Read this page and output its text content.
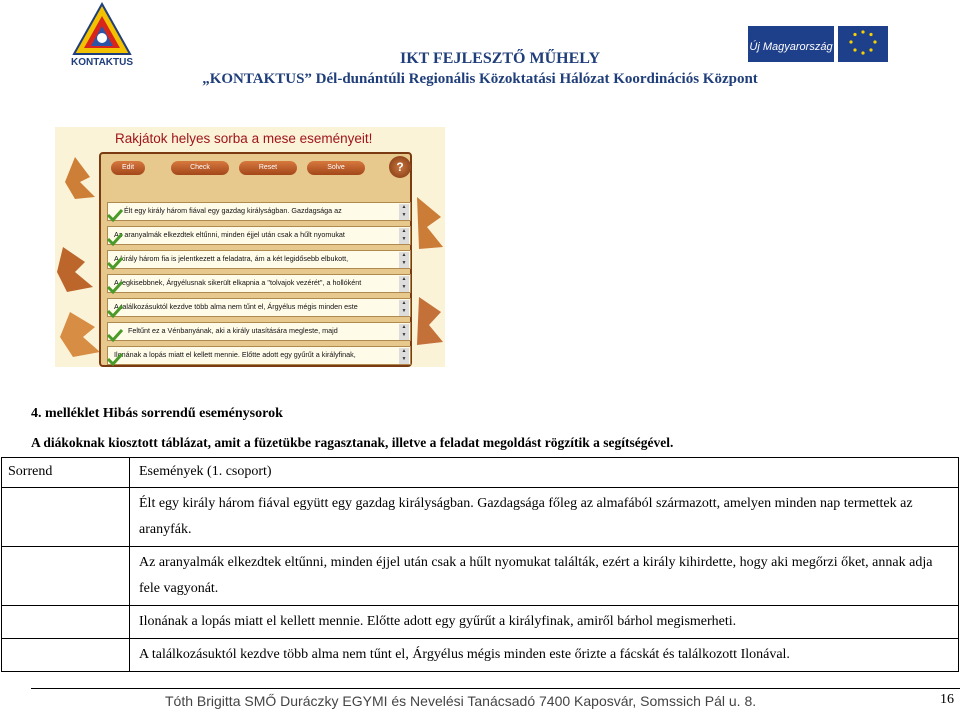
KONTAKTUS	IKT FEJLESZTŐ MŰHELY
„KONTAKTUS” Dél-dunántúli Regionális Közoktatási Hálózat Koordinációs Központ
Új Magyarország
Rakjátok helyes sorba a mese eseményeit!
Edit	Check	Reset	Solve	?
Élt egy király három fiával egy gazdag királyságban. Gazdagsága az	▲
▼
Az aranyalmák elkezdtek eltűnni, minden éjjel után csak a hűlt nyomukat	▲
▼
A király három fia is jelentkezett a feladatra, ám a két legidősebb elbukott,	▲
▼
A legkisebbnek, Árgyélusnak sikerült elkapnia a "tolvajok vezérét", a hollóként	▲
▼
A találkozásuktól kezdve több alma nem tűnt el, Árgyélus mégis minden este	▲
▼
Feltűnt ez a Vénbanyának, aki a király utasítására megleste, majd	▲
▼
Ilonának a lopás miatt el kellett mennie. Előtte adott egy gyűrűt a királyfinak,	▲
▼
4. melléklet Hibás sorrendű eseménysorok
A diákoknak kiosztott táblázat, amit a füzetükbe ragasztanak, illetve a feladat megoldást rögzítik a segítségével.
Sorrend	Események (1. csoport)
	Élt egy király három fiával együtt egy gazdag királyságban. Gazdagsága főleg az almafából származott, amelyen minden nap termettek az aranyfák.
	Az aranyalmák elkezdtek eltűnni, minden éjjel után csak a hűlt nyomukat találták, ezért a király kihirdette, hogy aki megőrzi őket, annak adja fele vagyonát.
	Ilonának a lopás miatt el kellett mennie. Előtte adott egy gyűrűt a királyfinak, amiről bárhol megismerheti.
	A találkozásuktól kezdve több alma nem tűnt el, Árgyélus mégis minden este őrizte a fácskát és találkozott Ilonával.
Tóth Brigitta SMŐ Duráczky EGYMI és Nevelési Tanácsadó 7400 Kaposvár, Somssich Pál u. 8.	16
